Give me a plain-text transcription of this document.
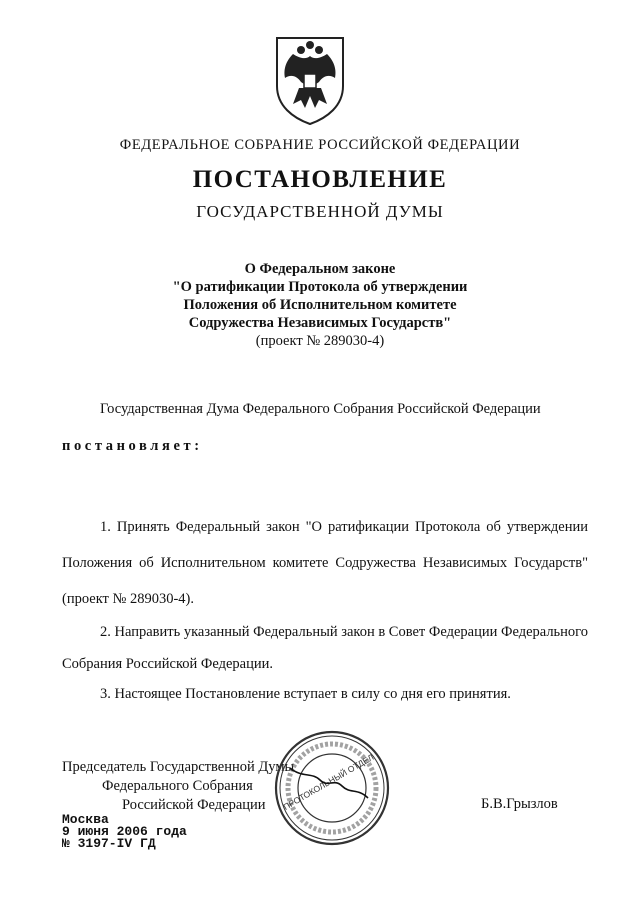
ФЕДЕРАЛЬНОЕ СОБРАНИЕ РОССИЙСКОЙ ФЕДЕРАЦИИ
ПОСТАНОВЛЕНИЕ
ГОСУДАРСТВЕННОЙ ДУМЫ
О Федеральном законе
"О ратификации Протокола об утверждении
Положения об Исполнительном комитете
Содружества Независимых Государств"
(проект № 289030-4)
Государственная Дума Федерального Собрания Российской Федерации
постановляет:
1. Принять Федеральный закон "О ратификации Протокола об утверждении Положения об Исполнительном комитете Содружества Независимых Государств" (проект № 289030-4).
2. Направить указанный Федеральный закон в Совет Федерации Федерального Собрания Российской Федерации.
3. Настоящее Постановление вступает в силу со дня его принятия.
Председатель Государственной Думы
Федерального Собрания
Российской Федерации	ПРОТОКОЛЬНЫЙ ОТДЕЛ	Б.В.Грызлов
Москва
9 июня 2006 года
№ 3197-IV ГД
